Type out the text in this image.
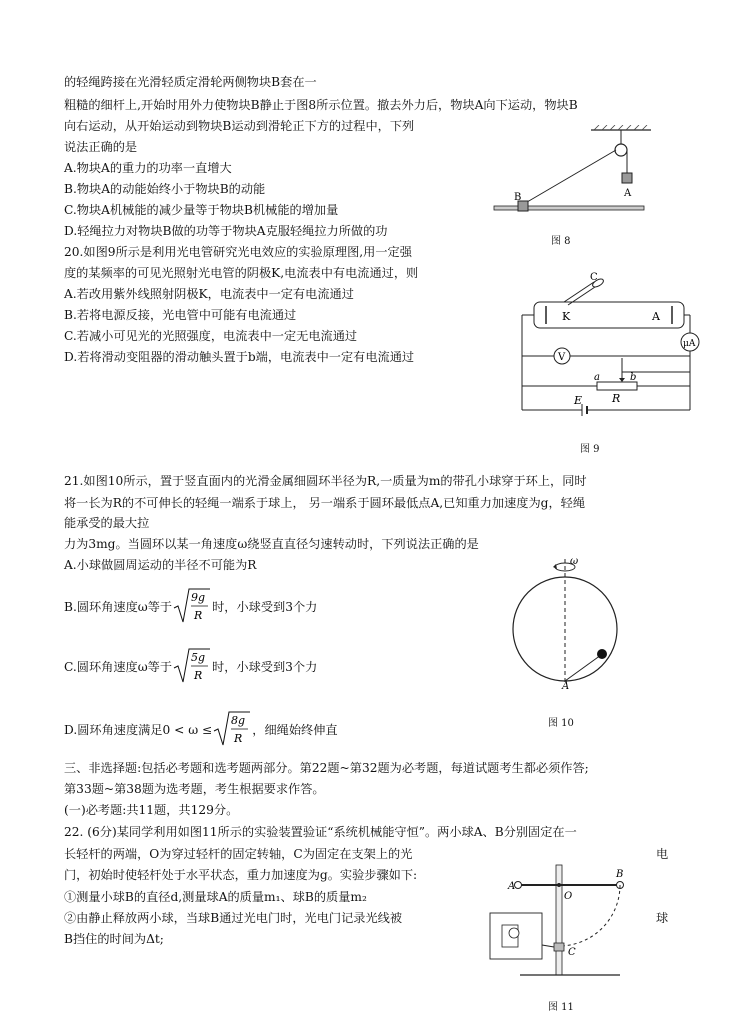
的轻绳跨接在光滑轻质定滑轮两侧物块B套在一
粗糙的细杆上,开始时用外力使物块B静止于图8所示位置。撤去外力后，物块A向下运动，物块B
向右运动，从开始运动到物块B运动到滑轮正下方的过程中，下列
说法正确的是
A.物块A的重力的功率一直增大
B.物块A的动能始终小于物块B的动能
C.物块A机械能的减少量等于物块B机械能的增加量
D.轻绳拉力对物块B做的功等于物块A克服轻绳拉力所做的功
A
B
图 8
20.如图9所示是利用光电管研究光电效应的实验原理图,用一定强
度的某频率的可见光照射光电管的阴极K,电流表中有电流通过，则
A.若改用紫外线照射阴极K，电流表中一定有电流通过
B.若将电源反接，光电管中可能有电流通过
C.若减小可见光的光照强度，电流表中一定无电流通过
D.若将滑动变阻器的滑动触头置于b端，电流表中一定有电流通过
K	A
C
μA
V
a	b
R
E
图 9
21.如图10所示，置于竖直面内的光滑金属细圆环半径为R,一质量为m的带孔小球穿于环上，同时
将一长为R的不可伸长的轻绳一端系于球上， 另一端系于圆环最低点A,已知重力加速度为g，轻绳
能承受的最大拉
力为3mg。当圆环以某一角速度ω绕竖直直径匀速转动时，下列说法正确的是
A.小球做圆周运动的半径不可能为R
B.圆环角速度ω等于
9g
R
时，小球受到3个力
C.圆环角速度ω等于
5g
R
时，小球受到3个力
D.圆环角速度满足0 < ω ≤
8g
R
，细绳始终伸直
ω
A
图 10
三、非选择题:包括必考题和选考题两部分。第22题~第32题为必考题，每道试题考生都必须作答;
第33题~第38题为选考题，考生根据要求作答。
(一)必考题:共11题，共129分。
22. (6分)某同学利用如图11所示的实验装置验证“系统机械能守恒”。两小球A、B分别固定在一
长轻杆的两端，O为穿过轻杆的固定转轴，C为固定在支架上的光	电
门，初始时使轻杆处于水平状态，重力加速度为g。实验步骤如下:
①测量小球B的直径d,测量球A的质量m₁、球B的质量m₂
②由静止释放两小球，当球B通过光电门时，光电门记录光线被	球
B挡住的时间为Δt;
A
B
O
C
图 11
